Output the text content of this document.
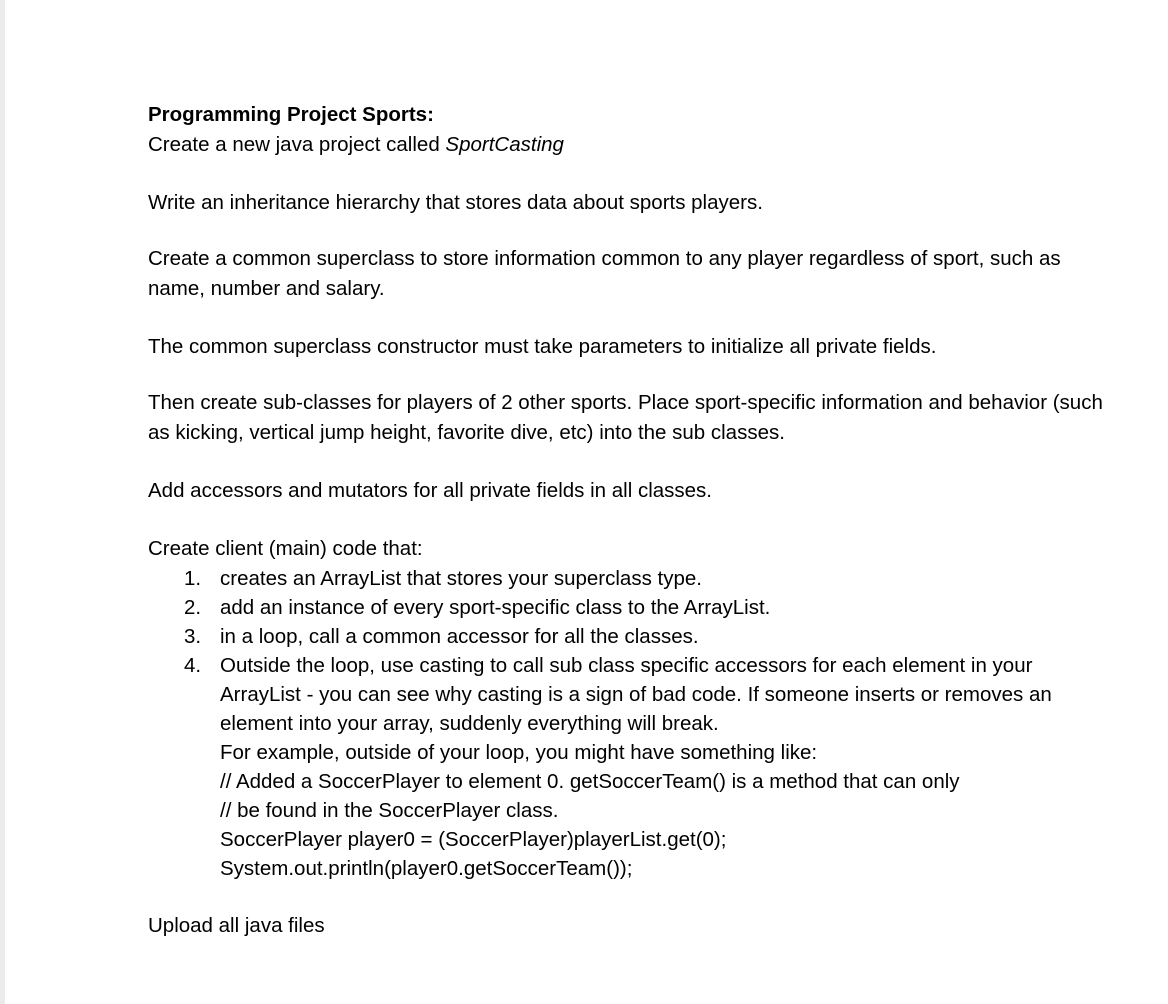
Programming Project Sports:

Create a new java project called SportCasting

Write an inheritance hierarchy that stores data about sports players.

Create a common superclass to store information common to any player regardless of sport, such as name, number and salary.

The common superclass constructor must take parameters to initialize all private fields.

Then create sub-classes for players of 2 other sports. Place sport-specific information and behavior (such as kicking, vertical jump height, favorite dive, etc) into the sub classes.

Add accessors and mutators for all private fields in all classes.

Create client (main) code that:

1. creates an ArrayList that stores your superclass type.
2. add an instance of every sport-specific class to the ArrayList.
3. in a loop, call a common accessor for all the classes.
4. Outside the loop, use casting to call sub class specific accessors for each element in your ArrayList - you can see why casting is a sign of bad code. If someone inserts or removes an element into your array, suddenly everything will break.
For example, outside of your loop, you might have something like:
// Added a SoccerPlayer to element 0. getSoccerTeam() is a method that can only
// be found in the SoccerPlayer class.
SoccerPlayer player0 = (SoccerPlayer)playerList.get(0);
System.out.println(player0.getSoccerTeam());

Upload all java files
